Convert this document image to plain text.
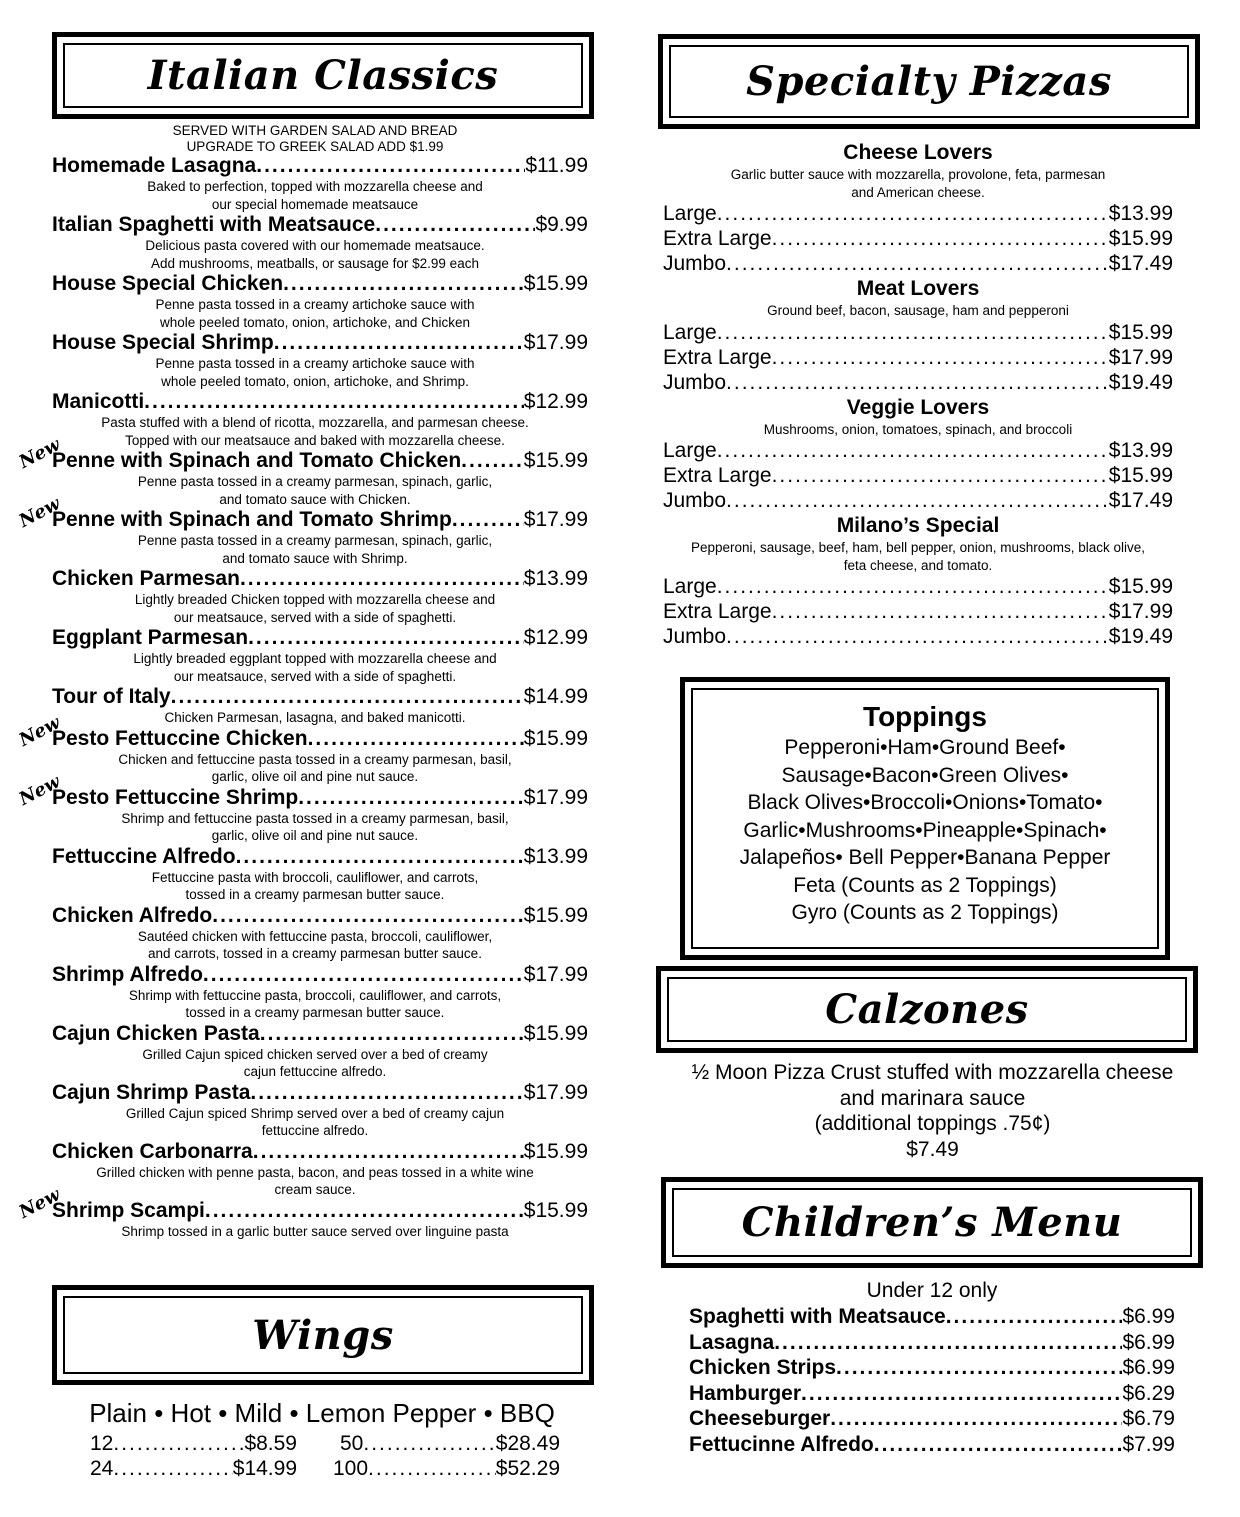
Italian Classics
SERVED WITH GARDEN SALAD AND BREAD
UPGRADE TO GREEK SALAD ADD $1.99
Homemade Lasagna .....	$11.99
Baked to perfection, topped with mozzarella cheese and
our special homemade meatsauce
Italian Spaghetti with Meatsauce .....	$9.99
Delicious pasta covered with our homemade meatsauce.
Add mushrooms, meatballs, or sausage for $2.99 each
House Special Chicken .....	$15.99
Penne pasta tossed in a creamy artichoke sauce with
whole peeled tomato, onion, artichoke, and Chicken
House Special Shrimp .....	$17.99
Penne pasta tossed in a creamy artichoke sauce with
whole peeled tomato, onion, artichoke, and Shrimp.
Manicotti .....	$12.99
Pasta stuffed with a blend of ricotta, mozzarella, and parmesan cheese.
Topped with our meatsauce and baked with mozzarella cheese.
New
Penne with Spinach and Tomato Chicken .....	$15.99
Penne pasta tossed in a creamy parmesan, spinach, garlic,
and tomato sauce with Chicken.
New
Penne with Spinach and Tomato Shrimp .....	$17.99
Penne pasta tossed in a creamy parmesan, spinach, garlic,
and tomato sauce with Shrimp.
Chicken Parmesan .....	$13.99
Lightly breaded Chicken topped with mozzarella cheese and
our meatsauce, served with a side of spaghetti.
Eggplant Parmesan .....	$12.99
Lightly breaded eggplant topped with mozzarella cheese and
our meatsauce, served with a side of spaghetti.
Tour of Italy .....	$14.99
Chicken Parmesan, lasagna, and baked manicotti.
New
Pesto Fettuccine Chicken .....	$15.99
Chicken and fettuccine pasta tossed in a creamy parmesan, basil,
garlic, olive oil and pine nut sauce.
New
Pesto Fettuccine Shrimp .....	$17.99
Shrimp and fettuccine pasta tossed in a creamy parmesan, basil,
garlic, olive oil and pine nut sauce.
Fettuccine Alfredo .....	$13.99
Fettuccine pasta with broccoli, cauliflower, and carrots,
tossed in a creamy parmesan butter sauce.
Chicken Alfredo .....	$15.99
Sautéed chicken with fettuccine pasta, broccoli, cauliflower,
and carrots, tossed in a creamy parmesan butter sauce.
Shrimp Alfredo .....	$17.99
Shrimp with fettuccine pasta, broccoli, cauliflower, and carrots,
tossed in a creamy parmesan butter sauce.
Cajun Chicken Pasta .....	$15.99
Grilled Cajun spiced chicken served over a bed of creamy
cajun fettuccine alfredo.
Cajun Shrimp Pasta .....	$17.99
Grilled Cajun spiced Shrimp served over a bed of creamy cajun
fettuccine alfredo.
Chicken Carbonarra .....	$15.99
Grilled chicken with penne pasta, bacon, and peas tossed in a white wine
cream sauce.
New
Shrimp Scampi .....	$15.99
Shrimp tossed in a garlic butter sauce served over linguine pasta
Specialty Pizzas
Cheese Lovers
Garlic butter sauce with mozzarella, provolone, feta, parmesan
and American cheese.
Large .....	$13.99
Extra Large .....	$15.99
Jumbo .....	$17.49
Meat Lovers
Ground beef, bacon, sausage, ham and pepperoni
Large .....	$15.99
Extra Large .....	$17.99
Jumbo .....	$19.49
Veggie Lovers
Mushrooms, onion, tomatoes, spinach, and broccoli
Large .....	$13.99
Extra Large .....	$15.99
Jumbo .....	$17.49
Milano’s Special
Pepperoni, sausage, beef, ham, bell pepper, onion, mushrooms, black olive,
feta cheese, and tomato.
Large .....	$15.99
Extra Large .....	$17.99
Jumbo .....	$19.49
Toppings
Pepperoni•Ham•Ground Beef•
Sausage•Bacon•Green Olives•
Black Olives•Broccoli•Onions•Tomato•
Garlic•Mushrooms•Pineapple•Spinach•
Jalapeños• Bell Pepper•Banana Pepper
Feta (Counts as 2 Toppings)
Gyro (Counts as 2 Toppings)
Calzones
½ Moon Pizza Crust stuffed with mozzarella cheese
and marinara sauce
(additional toppings .75¢)
$7.49
Children’s Menu
Under 12 only
Spaghetti with Meatsauce .....	$6.99
Lasagna .....	$6.99
Chicken Strips .....	$6.99
Hamburger .....	$6.29
Cheeseburger .....	$6.79
Fettucinne Alfredo .....	$7.99
Wings
Plain • Hot • Mild • Lemon Pepper • BBQ
12 .....	$8.59
24 .....	$14.99
50 .....	$28.49
100 .....	$52.29
